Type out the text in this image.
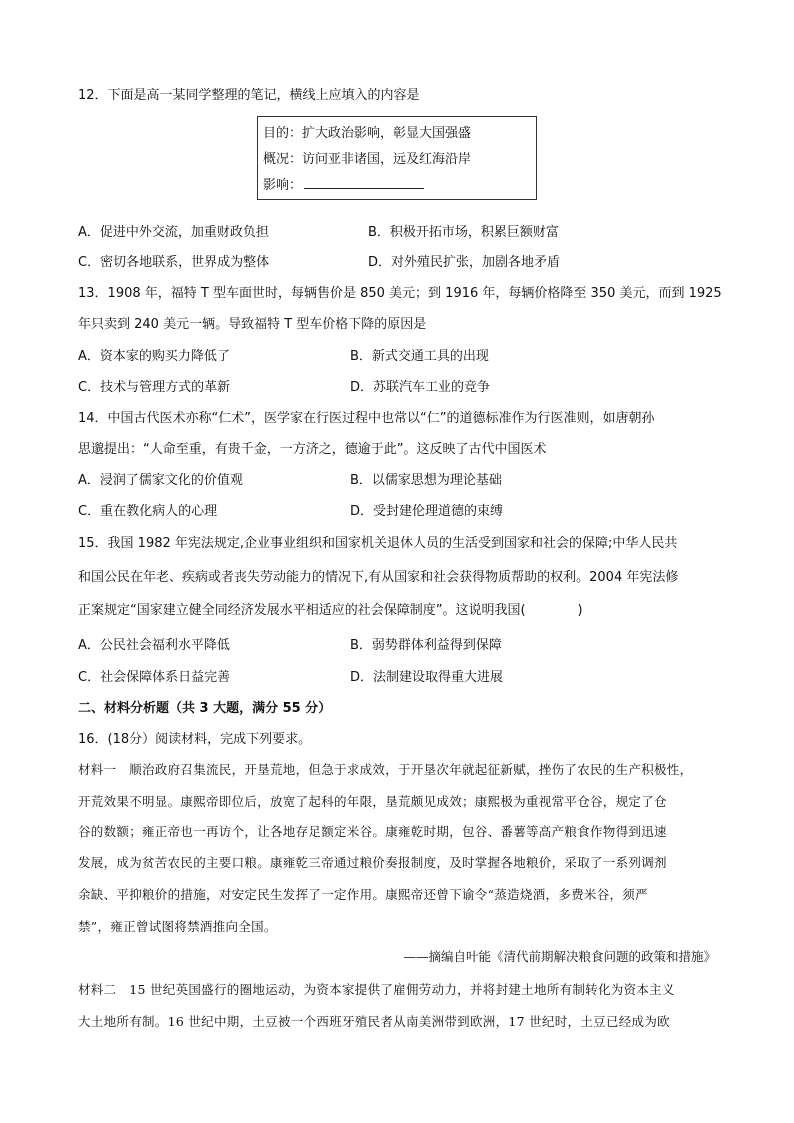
12．下面是高一某同学整理的笔记，横线上应填入的内容是
目的：扩大政治影响，彰显大国强盛
概况：访问亚非诸国，远及红海沿岸
影响：
A．促进中外交流，加重财政负担	B．积极开拓市场，积累巨额财富
C．密切各地联系，世界成为整体	D．对外殖民扩张，加剧各地矛盾
13．1908 年，福特 T 型车面世时，每辆售价是 850 美元；到 1916 年，每辆价格降至 350 美元，而到 1925
年只卖到 240 美元一辆。导致福特 T 型车价格下降的原因是
A．资本家的购买力降低了	B．新式交通工具的出现
C．技术与管理方式的革新	D．苏联汽车工业的竞争
14．中国古代医术亦称“仁术”，医学家在行医过程中也常以“仁”的道德标准作为行医准则，如唐朝孙
思邈提出：“人命至重，有贵千金，一方济之，德逾于此”。这反映了古代中国医术
A．浸润了儒家文化的价值观	B．以儒家思想为理论基础
C．重在教化病人的心理	D．受封建伦理道德的束缚
15．我国 1982 年宪法规定,企业事业组织和国家机关退休人员的生活受到国家和社会的保障;中华人民共
和国公民在年老、疾病或者丧失劳动能力的情况下,有从国家和社会获得物质帮助的权利。2004 年宪法修
正案规定“国家建立健全同经济发展水平相适应的社会保障制度”。这说明我国(　　　　)
A．公民社会福利水平降低	B．弱势群体利益得到保障
C．社会保障体系日益完善	D．法制建设取得重大进展
二、材料分析题（共 3 大题，满分 55 分）
16．(18分）阅读材料，完成下列要求。
材料一　顺治政府召集流民，开垦荒地，但急于求成效，于开垦次年就起征新赋，挫伤了农民的生产积极性，
开荒效果不明显。康熙帝即位后，放宽了起科的年限，垦荒颇见成效；康熙极为重视常平仓谷，规定了仓
谷的数额；雍正帝也一再访个，让各地存足额定米谷。康雍乾时期，包谷、番薯等高产粮食作物得到迅速
发展，成为贫苦农民的主要口粮。康雍乾三帝通过粮价奏报制度，及时掌握各地粮价，采取了一系列调剂
余缺、平抑粮价的措施，对安定民生发挥了一定作用。康熙帝还曾下谕令“蒸造烧酒，多费米谷，须严
禁”，雍正曾试图将禁酒推向全国。
——摘编自叶能《清代前期解决粮食问题的政策和措施》
材料二　15 世纪英国盛行的圈地运动，为资本家提供了雇佣劳动力，并将封建土地所有制转化为资本主义
大土地所有制。16 世纪中期，土豆被一个西班牙殖民者从南美洲带到欧洲，17 世纪时，土豆已经成为欧
